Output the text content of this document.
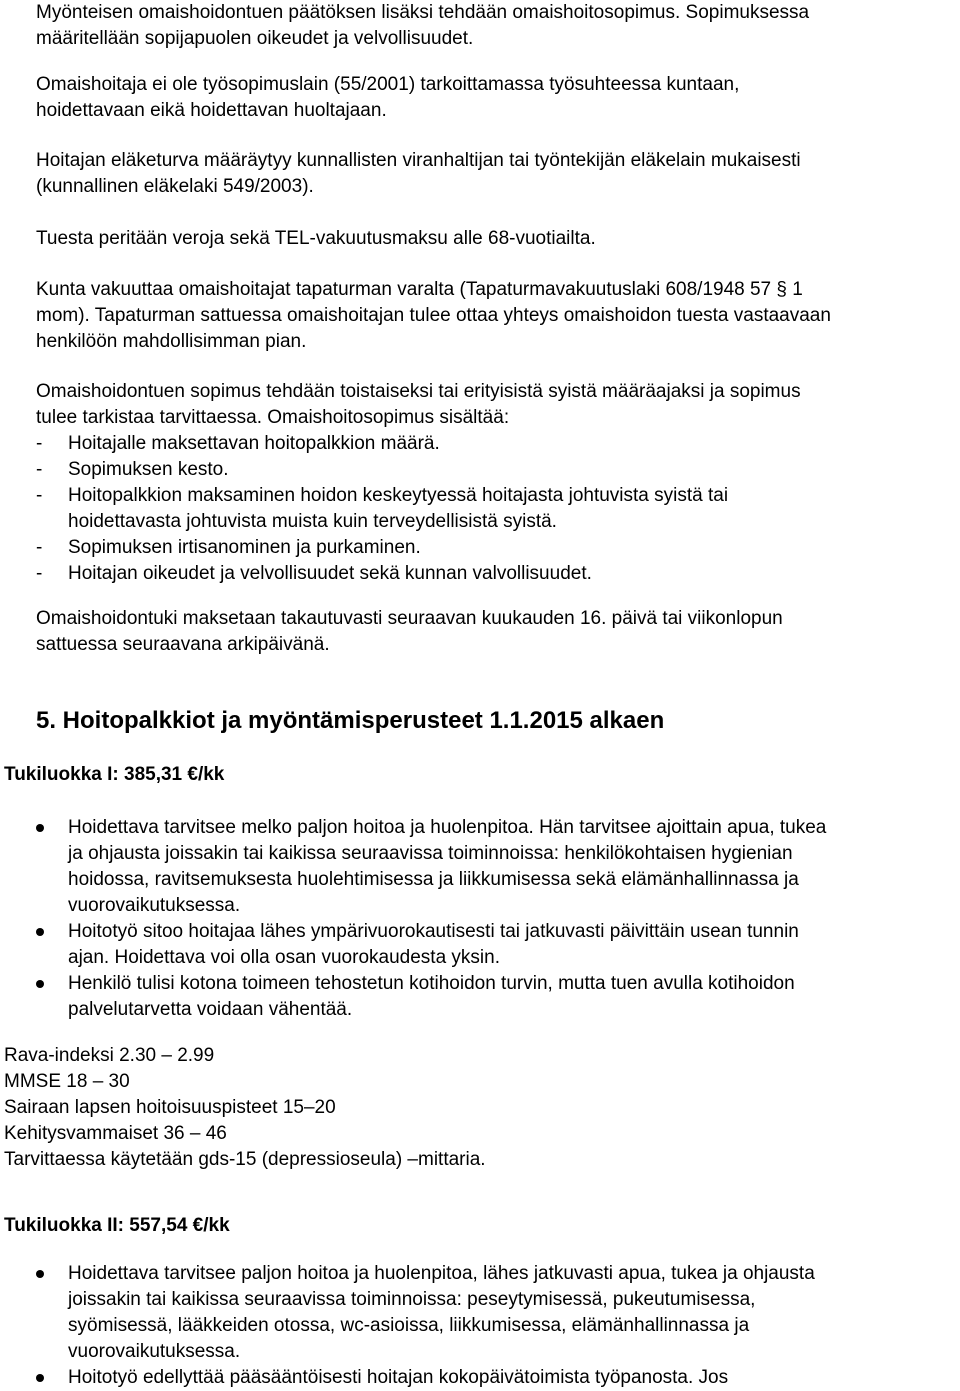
Myönteisen omaishoidontuen päätöksen lisäksi tehdään omaishoitosopimus. Sopimuksessa
määritellään sopijapuolen oikeudet ja velvollisuudet.

Omaishoitaja ei ole työsopimuslain (55/2001) tarkoittamassa työsuhteessa kuntaan,
hoidettavaan eikä hoidettavan huoltajaan.

Hoitajan eläketurva määräytyy kunnallisten viranhaltijan tai työntekijän eläkelain mukaisesti
(kunnallinen eläkelaki 549/2003).

Tuesta peritään veroja sekä TEL-vakuutusmaksu alle 68-vuotiailta.

Kunta vakuuttaa omaishoitajat tapaturman varalta (Tapaturmavakuutuslaki 608/1948 57 § 1
mom). Tapaturman sattuessa omaishoitajan tulee ottaa yhteys omaishoidon tuesta vastaavaan
henkilöön mahdollisimman pian.

Omaishoidontuen sopimus tehdään toistaiseksi tai erityisistä syistä määräajaksi ja sopimus
tulee tarkistaa tarvittaessa. Omaishoitosopimus sisältää:

- Hoitajalle maksettavan hoitopalkkion määrä.
- Sopimuksen kesto.
- Hoitopalkkion maksaminen hoidon keskeytyessä hoitajasta johtuvista syistä tai
hoidettavasta johtuvista muista kuin terveydellisistä syistä.
- Sopimuksen irtisanominen ja purkaminen.
- Hoitajan oikeudet ja velvollisuudet sekä kunnan valvollisuudet.

Omaishoidontuki maksetaan takautuvasti seuraavan kuukauden 16. päivä tai viikonlopun
sattuessa seuraavana arkipäivänä.

5. Hoitopalkkiot ja myöntämisperusteet 1.1.2015 alkaen
Tukiluokka I: 385,31 €/kk
Hoidettava tarvitsee melko paljon hoitoa ja huolenpitoa. Hän tarvitsee ajoittain apua, tukea
ja ohjausta joissakin tai kaikissa seuraavissa toiminnoissa: henkilökohtaisen hygienian
hoidossa, ravitsemuksesta huolehtimisessa ja liikkumisessa sekä elämänhallinnassa ja
vuorovaikutuksessa.
Hoitotyö sitoo hoitajaa lähes ympärivuorokautisesti tai jatkuvasti päivittäin usean tunnin
ajan. Hoidettava voi olla osan vuorokaudesta yksin.
Henkilö tulisi kotona toimeen tehostetun kotihoidon turvin, mutta tuen avulla kotihoidon
palvelutarvetta voidaan vähentää.
Rava-indeksi 2.30 – 2.99
MMSE 18 – 30
Sairaan lapsen hoitoisuuspisteet 15–20
Kehitysvammaiset 36 – 46
Tarvittaessa käytetään gds-15 (depressioseula) –mittaria.
Tukiluokka II: 557,54 €/kk
Hoidettava tarvitsee paljon hoitoa ja huolenpitoa, lähes jatkuvasti apua, tukea ja ohjausta
joissakin tai kaikissa seuraavissa toiminnoissa: peseytymisessä, pukeutumisessa,
syömisessä, lääkkeiden otossa, wc-asioissa, liikkumisessa, elämänhallinnassa ja
vuorovaikutuksessa.
Hoitotyö edellyttää pääsääntöisesti hoitajan kokopäivätoimista työpanosta. Jos
